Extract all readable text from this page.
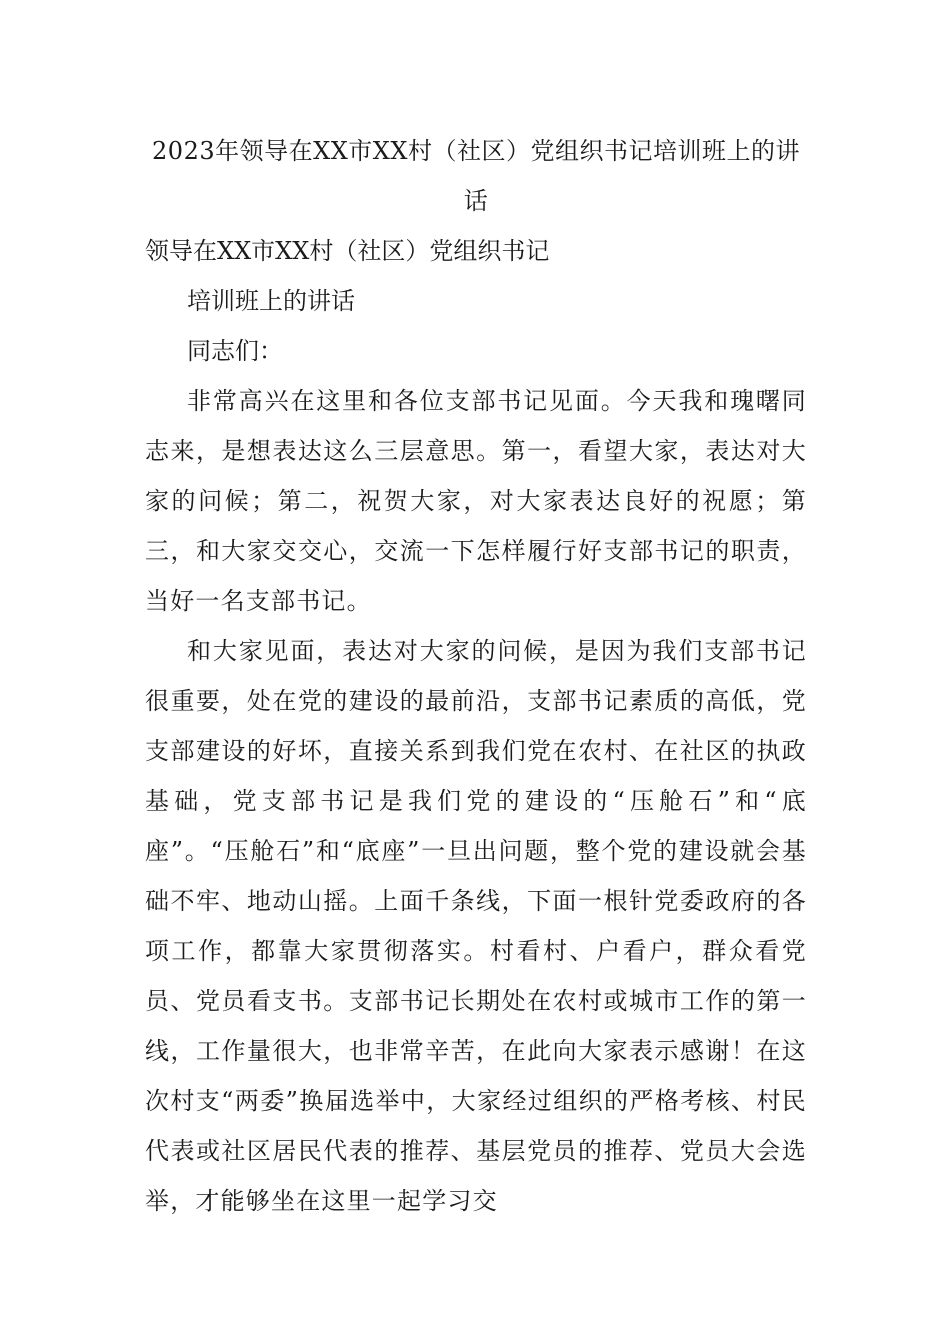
2023年领导在XX市XX村（社区）党组织书记培训班上的讲话

领导在XX市XX村（社区）党组织书记

培训班上的讲话

同志们：

非常高兴在这里和各位支部书记见面。今天我和瑰曙同志来，是想表达这么三层意思。第一，看望大家，表达对大家的问候；第二，祝贺大家，对大家表达良好的祝愿；第三，和大家交交心，交流一下怎样履行好支部书记的职责，当好一名支部书记。

和大家见面，表达对大家的问候，是因为我们支部书记很重要，处在党的建设的最前沿，支部书记素质的高低，党支部建设的好坏，直接关系到我们党在农村、在社区的执政基础，党支部书记是我们党的建设的“压舱石”和“底座”。“压舱石”和“底座”一旦出问题，整个党的建设就会基础不牢、地动山摇。上面千条线，下面一根针党委政府的各项工作，都靠大家贯彻落实。村看村、户看户，群众看党员、党员看支书。支部书记长期处在农村或城市工作的第一线，工作量很大，也非常辛苦，在此向大家表示感谢！在这次村支“两委”换届选举中，大家经过组织的严格考核、村民代表或社区居民代表的推荐、基层党员的推荐、党员大会选举，才能够坐在这里一起学习交
